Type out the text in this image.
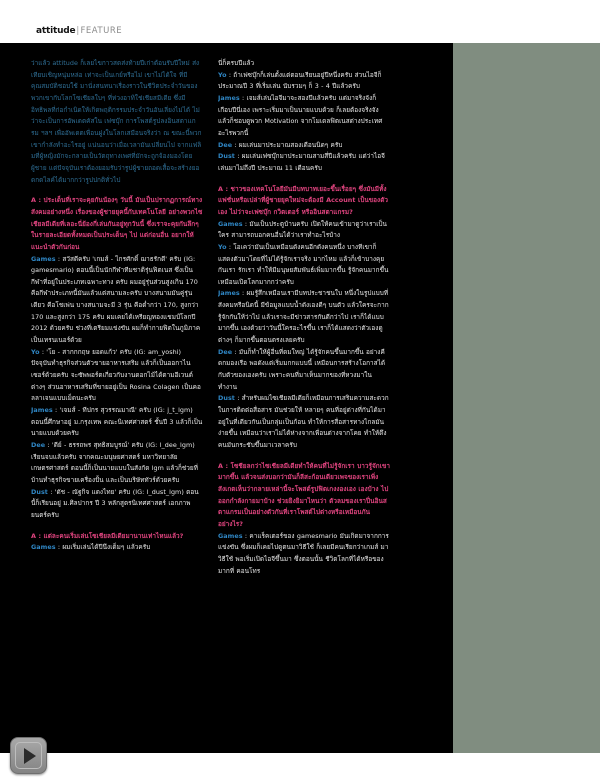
attitude|FEATURE

ว่าแล้ว attitude ก็เลยไขกาวสดส่งท้ายปีเก่าต้อนรับปีใหม่ ส่งเทียบเชิญหนุ่มหล่อ เท่าจะเป็นเกย์หรือไม่ เขาไม่ได้ใจ ที่มีคุณสมบัติชอบใช้ มานั่งสนทนาเรื่องราวในชีวิตประจำวันของพวกเขากับโลกโซเชียลใบๆ ที่ห่วงอาทิใช่เชียสมีเดีย ซึ่งมีอิทธิพลที่ก่อกำเนิดให้เกิดพฤติกรรมประจำวันอันเลี่ยงไม่ได้ ไม่ว่าจะเป็นการอัพเดตคัสใน เฟซบุ๊ก การโพสต์รูปลงอินสตาแกรม ฯลฯ เพื่ออัพเดตเพื่อนฝูงในโลกเสมือนจริงว่า ณ ขณะนี้พวกเขากำลังทำอะไรอยู่ แน่นอนว่าเมื่อเวลามันเปลี่ยนไป จากแฟลิมที่ผู้หญิงมักจะกลายเป็นวัตถุทางเพศที่มักจะถูกจ้องมองโดยผู้ชาย แต่ปัจจุบันเราต้องยอมรับว่ารูปผู้ชายถอดเสื้อจะสร้างยอดกดไลค์ได้มากกว่ารูปปกติทั่วไป

A : ประเด็นที่เราจะคุยกันน้องๆ วันนี้ มันเป็นปรากฏการณ์ทางสังคมอย่างหนึ่ง เรื่องของผู้ชายยุคนี้กับเทคโนโลยี อย่างพวกไซเชียลมีเดียที่เลอะนี่ย้องกี่เล่นกันอยู่ทุกวันนี้ ซึ่งเราจะคุยกันลึกๆ ในรายละเอียดทั้งหมดเป็นประเด็นๆ ไป แต่ก่อนอื่น อยากให้แนะนำตัวกันก่อน

Games : สวัสดีครับ 'เกมส์ - ไกรศักดิ์ ฌาธรักดี' ครับ (IG: gamesmario) ตอนนี้เป็นนักกีฬาทีมชาติรุ่นฟิตเนส ซึ่งเป็นกีฬาที่อยู่ในประเภทเฉพาะทาง ครับ ผมอยู่รุ่นส่วนสูงเกิน 170 คือกีฬาประเภทนี้มันแล้วแต่สนามละครับ บางสนามมันคู่รุ่นเดียว คือโชเพ่น บางสนามจะมี 3 รุ่น คือต่ำกว่า 170, สูงกว่า 170 และสูงกว่า 175 ครับ ผมเคยได้เหรียญทองแชมป์โลกปี 2012 ด้วยครับ ช่วงที่เตรียมแข่งขัน ผมก็ทำกายฟิตในภูมิภาคเป็นเทรนเนอร์ด้วย

Yo : 'โย - สากกกฤษ ยอดแก้ว' ครับ (IG: am_yoshi) ปัจจุบันทำธุรกิจส่วนตัวขายอาหารเสริม แล้วก็เป็นออกาไนเซอร์ด้วยครับ จะซัพพอร์ตเกี่ยวกับงานดอกไม้ได้ตามอีเวนต์ต่างๆ ส่วนอาหารเสริมที่ขายอยู่เป็น Rosina Colagen เป็นคอลลาเจนแบบเม็ดนะครับ

James : 'เจมส์ - ทีปกร สุวรรณมาณี' ครับ (IG: j_t_lgm) ตอนนี้ศึกษาอยู่ ม.กรุงเทพ คณะนิเทศศาสตร์ ชั้นปี 3 แล้วก็เป็นนายแบบด้วยครับ

Dee : 'ดีย์ - ธรรถพร สุทธิสมบูรณ์' ครับ (IG: l_dee_lgm) เรียนจบแล้วครับ จากคณะมนุษยศาสตร์ มหาวิทยาลัยเกษตรศาสตร์ ตอนนี้ก็เป็นนายแบบในสังกัด lgm แล้วก็ช่วยที่บ้านทำธุรกิจขายเครื่องปั้น และเป็นบริษัททัวร์ด้วยครับ

Dust : 'ดัช - ณัฐกิจ แดงไทย' ครับ (IG: l_dust_lgm) ตอนนี้ก็เรียนอยู่ ม.ศิลปากร ปี 3 หลักสูตรนิเทศศาสตร์ เอกภาพยนตร์ครับ

A : แต่ละคนเริ่มเล่นโซเชียลมีเดียมานานเท่าไหนแล้ว?

Games : ผมเริ่มเล่นได้ปีนึงเต็มๆ แล้วครับ

นี่ก็ครบปีแล้ว

Yo : ถ้าเฟซบุ๊กก็เล่นตั้งแต่ตอนเรียนอยู่ปีหนึ่งครับ ส่วนไอจีก็ประมาณปี 3 ที่เริ่มเล่น นับรวมๆ ก็ 3 - 4 ปีแล้วครับ

James : เจมส์เล่นไอจีมาจะสองปีแล้วครับ แต่มาจริงจังก็เกือบปีนี่เอง เพราะเริ่มมาเป็นนายแบบด้วย ก็เลยต้องจริงจัง แล้วก็ชอบดูพวก Motivation จากโมเดลฟิตเนสต่างประเทศอะไรพวกนี้

Dee : ผมเล่นมาประมาณสองเดือนนิดๆ ครับ

Dust : ผมเล่นเฟซบุ๊กมาประมาณสามสี่ปีแล้วครับ แต่ว่าไอจีเล่นมาไม่ถึงปี ประมาณ 11 เดือนครับ

A : ชาวของเทคโนโลยีมันมีบทบาทเยอะขึ้นเรื่อยๆ ซึ่งมันมีทั้งแฟชั่นหรือเปล่าที่ผู้ชายยุคใหม่จะต้องมี Account เป็นของตัวเอง ไม่ว่าจะเฟซบุ๊ก กวิตเตอร์ หรืออินสตาแกรม?

Games : มันเป็นประตูบ้านครับ เปิดให้คนเข้ามาดูว่าเราเป็นใคร สามารถบอกคนอื่นได้ว่าเราทำอะไรบ้าง

Yo : โอเคว่ามันเป็นเหมือนดังคนอีกดังคนหนึ่ง บางทีเขาก็แสดงตัวมาโดยที่ไม่ได้รู้จักเราจริง มากไหม แล้วก็เข้าบางคุยกันเรา รักเรา ทำให้มีมนุษยสัมพันธ์เพิ่มมากขึ้น รู้จักคนมากขึ้น เหมือนเปิดโลกมากกว่าครับ

James : ผมรู้สึกเหมือนเรามีบทประชาชนใบ หนึ่งในรูปแบบที่สังคมหรือนิดนี้ มีข้อมูลแบบน้ำดังเองดีๆ บนตัว แล้วใครจะกากรู้จักกันให้ว่าไป แล้วเราจะมีข่าวสารกันดีกว่าไป เราก็ได้แบบมากขึ้น เองด้วยว่าวันนี้ใครอะไรขึ้น เราก็ได้แสดงว่าตัวเองดูต่างๆ ก็มากขึ้นตอนตรงเลยครับ

Dee : มันก็ทำให้ผู้อื่นที่ดมใหญ่ ได้รู้จักคนขึ้นมากขึ้น อย่างคืดกมองเรือ พอดังแต่เริ่มมกกแบบนี้ เหมือนการสร้างโอกาสได้กับตัวของเองครับ เพราะคนที่มาเห็นมากของที่หวงมาในทำงาน

Dust : สำหรับผมไซเชียลมีเดียก็เหมือนการเสริมความสะดวกในการติดต่อสื่อสาร มันช่วยให้ หลายๆ คนที่อยู่ต่างที่กันได้มาอยู่ในที่เดียวกันเป็นกลุ่มเป็นก้อน ทำให้การสื่อสารทางไกลมันง่ายขึ้น เหมือนว่าเราไม่ได้ห่างจากเพื่อนต่างจากโคย ทำให้ดึงคนมันกระชับขึ้นมาเวลาครับ

A : โซชียลกว่าไซเชียลมีเดียทำให้คนที่ไม่รู้จักเรา บาวรู้จักเขามากขึ้น แล้วจนส่งบอกว่ามันก็ลีสะก้อนเดียวเพจของเราเพิ่งสังเกตเห็นว่ากลายเหล่านี้จะโพสต์รูปฟิตเกงงองเอง เองบ้าง ไปออกกำลังกายมาบ้าง ช่วยยิงยิมาไหนว่า ตัวลมของเราปิ่นอินสตาแกรมเป็นอย่างตัวกันที่เราโพสต์ไปต่างหรือเหมือนกันอย่างไร?

Games : คาแร็คเตอร์ของ gamesmario มันเกิดมาจากการแข่งขัน ซึ่งผมก็เคยไปดูตนมาวิธีใช้ ก็เลยมีคนเรียกว่าเกมส์ มาวิธีใช้ พอเริ่มเปิดไอจีขึ้นมา ซึ่งตอนนั้น ชีวิตโลกที่ได้หรือของมากที่ คอนโทร
